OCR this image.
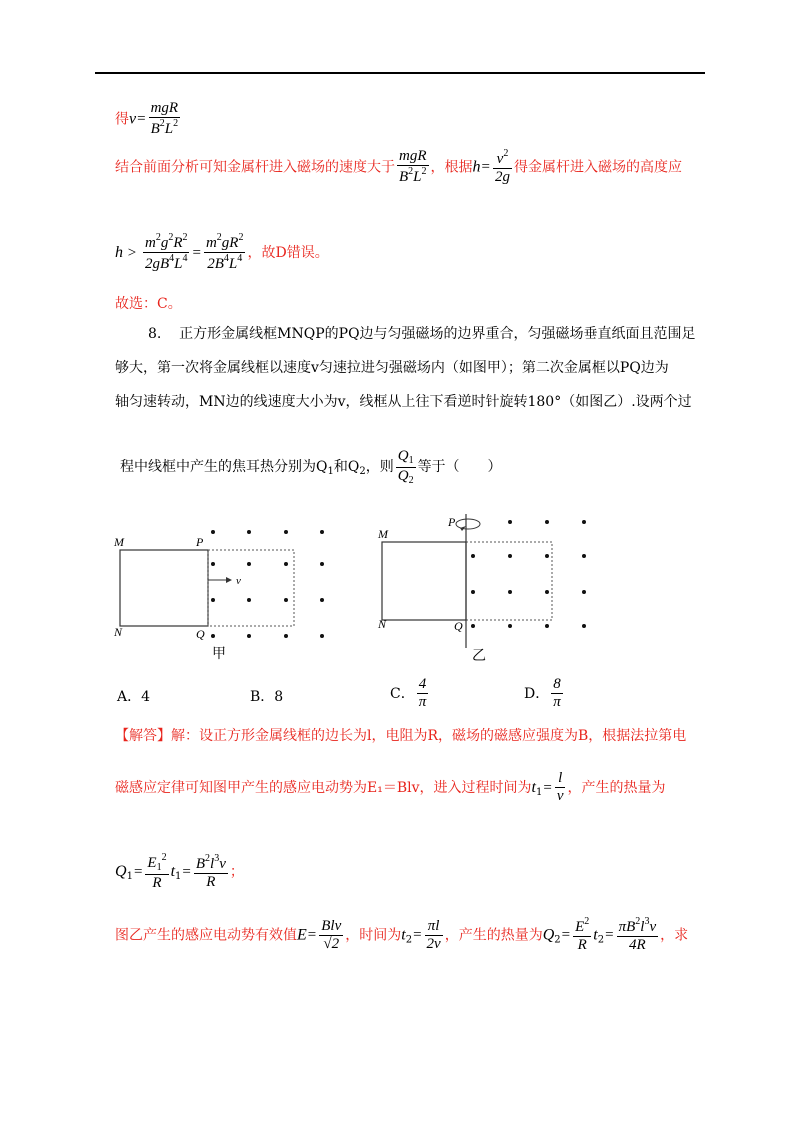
得$v= \frac{\text{mgR}}{B^2L^2}$
结合前面分析可知金属杆进入磁场的速度大于 $\frac{\text{mgR}}{B^2L^2}$ ，根据$h= \frac{v^2}{2g}$ 得金属杆进入磁场的高度应
$h > \frac{m^2g^2R^2}{2gB^4L^4} = \frac{m^2gR^2}{2B^4L^4}$ ，故D错误。
故选：C。
8. 正方形金属线框MNQP的PQ边与匀强磁场的边界重合，匀强磁场垂直纸面且范围足
够大，第一次将金属线框以速度v匀速拉进匀强磁场内（如图甲）；第二次金属框以PQ边为
轴匀速转动，MN边的线速度大小为v，线框从上往下看逆时针旋转180°（如图乙）.设两个过
程中线框中产生的焦耳热分别为$Q_1$和$Q_2$，则 $\frac{Q_1}{Q_2}$ 等于（　　）
v
M	P
N	Q
甲
M
P
N	Q
乙
A．4	B．8	C． $\frac{4}{\pi}$	D． $\frac{8}{\pi}$
【解答】解：设正方形金属线框的边长为l，电阻为R，磁场的磁感应强度为B，根据法拉第电
磁感应定律可知图甲产生的感应电动势为E₁＝Blv，进入过程时间为$t_1= \frac{l}{v}$ ，产生的热量为
$Q_1= \frac{E_1^2}{R} t_1= \frac{B^2l^3v}{R}$ ；
图乙产生的感应电动势有效值$E= \frac{\text{Blv}}{√2}$ ，时间为$t_2= \frac{\pi l}{2v}$ ，产生的热量为$Q_2= \frac{E^2}{R} t_2= \frac{\pi B^2l^3v}{4R}$ ，求
